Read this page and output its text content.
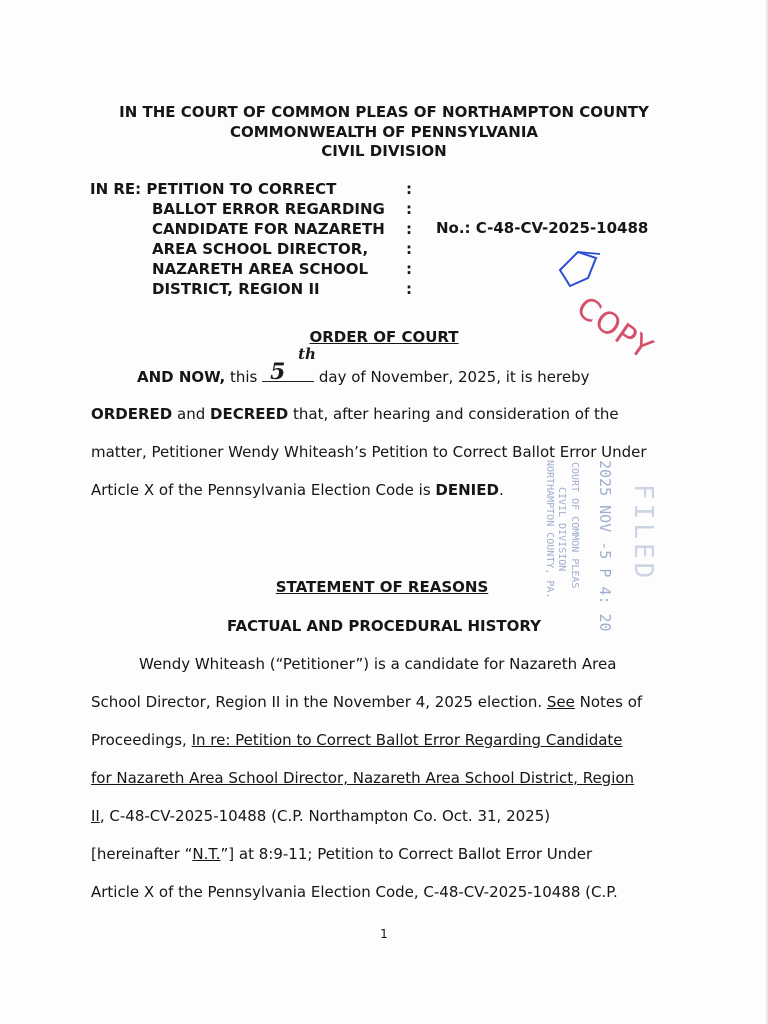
IN THE COURT OF COMMON PLEAS OF NORTHAMPTON COUNTY
COMMONWEALTH OF PENNSYLVANIA
CIVIL DIVISION
IN RE: PETITION TO CORRECT	:
BALLOT ERROR REGARDING :
CANDIDATE FOR NAZARETH :
AREA SCHOOL DIRECTOR,	:
NAZARETH AREA SCHOOL	:
DISTRICT, REGION II	:
No.: C-48-CV-2025-10488
COPY
ORDER OF COURT
AND NOW, this 5
th
day of November, 2025, it is hereby
ORDERED and DECREED that, after hearing and consideration of the
matter, Petitioner Wendy Whiteash’s Petition to Correct Ballot Error Under
Article X of the Pennsylvania Election Code is DENIED.	FILED
2025 NOV -5 P 4: 20
COURT OF COMMON PLEAS
CIVIL DIVISION
NORTHAMPTON COUNTY, PA.
STATEMENT OF REASONS
FACTUAL AND PROCEDURAL HISTORY
Wendy Whiteash (“Petitioner”) is a candidate for Nazareth Area
School Director, Region II in the November 4, 2025 election. See Notes of
Proceedings, In re: Petition to Correct Ballot Error Regarding Candidate
for Nazareth Area School Director, Nazareth Area School District, Region
II, C-48-CV-2025-10488 (C.P. Northampton Co. Oct. 31, 2025)
[hereinafter “N.T.”] at 8:9-11; Petition to Correct Ballot Error Under
Article X of the Pennsylvania Election Code, C-48-CV-2025-10488 (C.P.
1
